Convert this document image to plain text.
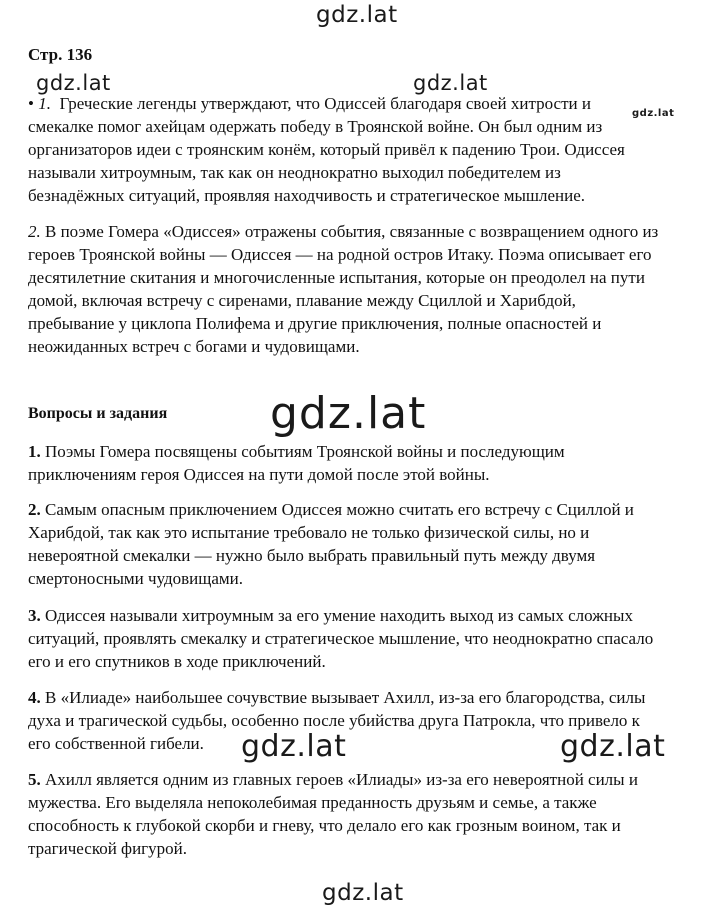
gdz.lat
gdz.lat	gdz.lat
gdz.lat
gdz.lat
gdz.lat	gdz.lat
gdz.lat
Стр. 136
• 1. Греческие легенды утверждают, что Одиссей благодаря своей хитрости и
смекалке помог ахейцам одержать победу в Троянской войне. Он был одним из
организаторов идеи с троянским конём, который привёл к падению Трои. Одиссея
называли хитроумным, так как он неоднократно выходил победителем из
безнадёжных ситуаций, проявляя находчивость и стратегическое мышление.
2. В поэме Гомера «Одиссея» отражены события, связанные с возвращением одного из
героев Троянской войны — Одиссея — на родной остров Итаку. Поэма описывает его
десятилетние скитания и многочисленные испытания, которые он преодолел на пути
домой, включая встречу с сиренами, плавание между Сциллой и Харибдой,
пребывание у циклопа Полифема и другие приключения, полные опасностей и
неожиданных встреч с богами и чудовищами.
Вопросы и задания
1. Поэмы Гомера посвящены событиям Троянской войны и последующим
приключениям героя Одиссея на пути домой после этой войны.
2. Самым опасным приключением Одиссея можно считать его встречу с Сциллой и
Харибдой, так как это испытание требовало не только физической силы, но и
невероятной смекалки — нужно было выбрать правильный путь между двумя
смертоносными чудовищами.
3. Одиссея называли хитроумным за его умение находить выход из самых сложных
ситуаций, проявлять смекалку и стратегическое мышление, что неоднократно спасало
его и его спутников в ходе приключений.
4. В «Илиаде» наибольшее сочувствие вызывает Ахилл, из-за его благородства, силы
духа и трагической судьбы, особенно после убийства друга Патрокла, что привело к
его собственной гибели.
5. Ахилл является одним из главных героев «Илиады» из-за его невероятной силы и
мужества. Его выделяла непоколебимая преданность друзьям и семье, а также
способность к глубокой скорби и гневу, что делало его как грозным воином, так и
трагической фигурой.
